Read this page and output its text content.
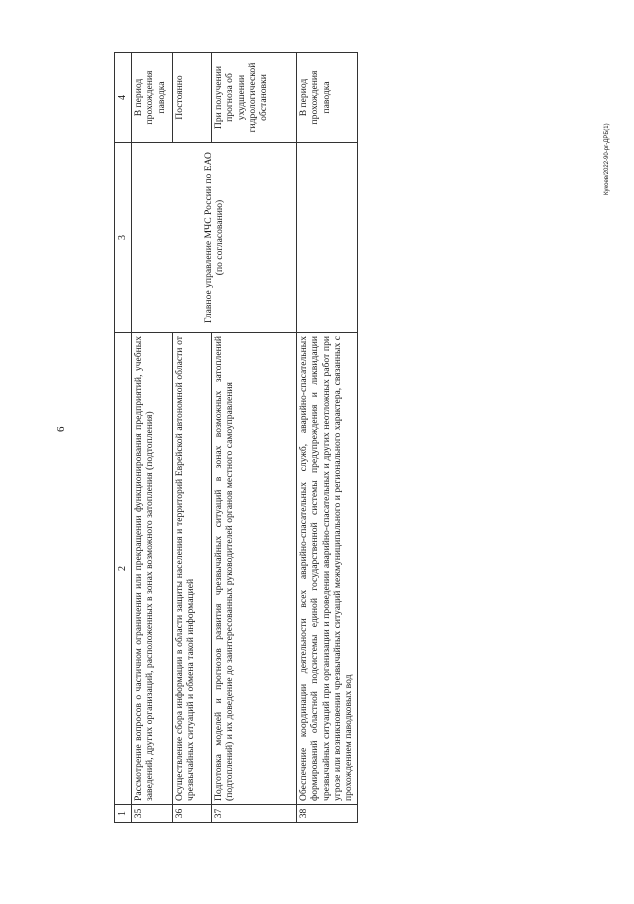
6
Кукоев/2022-90-рг-ДРБ(1)
1	2	3	4
35	Рассмотрение вопросов о частичном ограничении или прекращении функционирования предприятий, учебных заведений, других организаций, расположенных в зонах возможного затопления (подтопления)	Главное управление МЧС России по ЕАО (по согласованию)	В период прохождения паводка
36	Осуществление сбора информации в области защиты населения и территорий Еврейской автономной области от чрезвычайных ситуаций и обмена такой информацией		Постоянно
37	Подготовка моделей и прогнозов развития чрезвычайных ситуаций в зонах возможных затоплений (подтоплений) и их доведение до заинтересованных руководителей органов местного самоуправления		При получении прогноза об ухудшении гидрологической обстановки
38	Обеспечение координации деятельности всех аварийно-спасательных служб, аварийно-спасательных формирований областной подсистемы единой государственной системы предупреждения и ликвидации чрезвычайных ситуаций при организации и проведении аварийно-спасательных и других неотложных работ при угрозе или возникновении чрезвычайных ситуаций межмуниципального и регионального характера, связанных с прохождением паводковых вод		В период прохождения паводка
